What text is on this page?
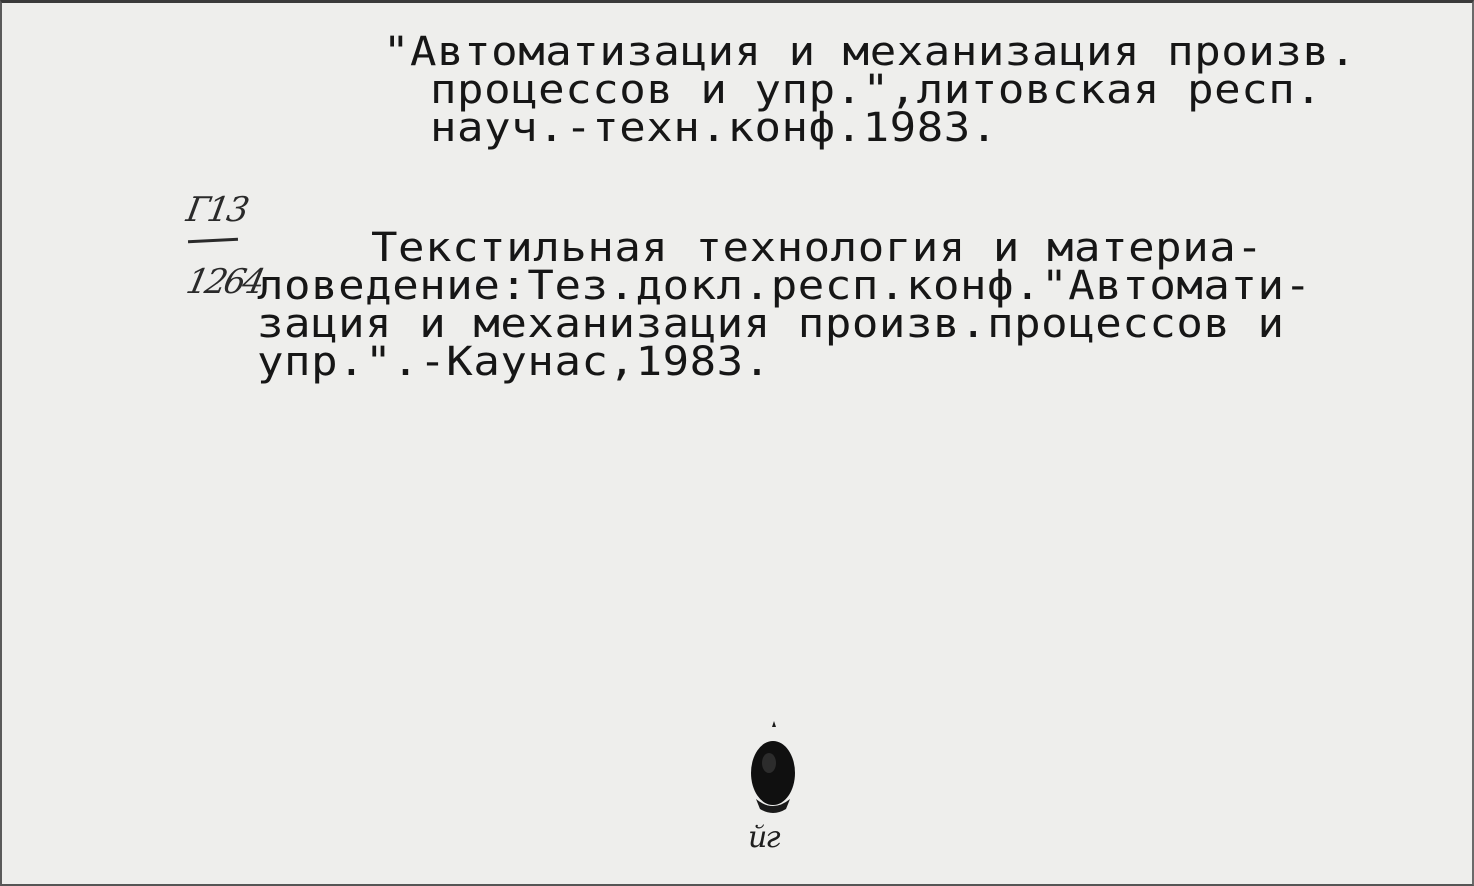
"Автоматизация и механизация произв.
процессов и упр.",литовская респ.
науч.-техн.конф.1983.
Г13
1264
Текстильная технология и материа-
ловедение:Тез.докл.респ.конф."Автомати-
зация и механизация произв.процессов и
упр.".-Каунас,1983.
йг
